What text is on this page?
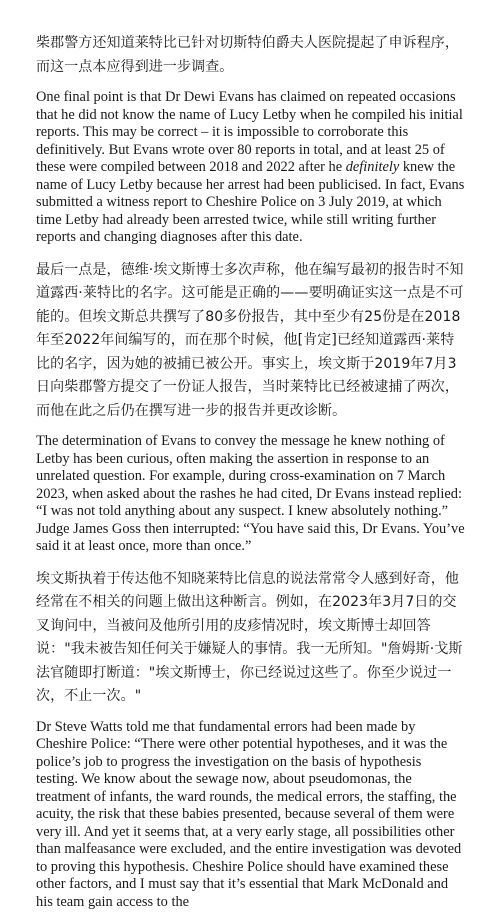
柴郡警方还知道莱特比已针对切斯特伯爵夫人医院提起了申诉程序，而这一点本应得到进一步调查。

One final point is that Dr Dewi Evans has claimed on repeated occasions that he did not know the name of Lucy Letby when he compiled his initial reports. This may be correct – it is impossible to corroborate this definitively. But Evans wrote over 80 reports in total, and at least 25 of these were compiled between 2018 and 2022 after he definitely knew the name of Lucy Letby because her arrest had been publicised. In fact, Evans submitted a witness report to Cheshire Police on 3 July 2019, at which time Letby had already been arrested twice, while still writing further reports and changing diagnoses after this date.

最后一点是，德维·埃文斯博士多次声称，他在编写最初的报告时不知道露西·莱特比的名字。这可能是正确的——要明确证实这一点是不可能的。但埃文斯总共撰写了80多份报告，其中至少有25份是在2018年至2022年间编写的，而在那个时候，他[肯定]已经知道露西·莱特比的名字，因为她的被捕已被公开。事实上，埃文斯于2019年7月3日向柴郡警方提交了一份证人报告，当时莱特比已经被逮捕了两次，而他在此之后仍在撰写进一步的报告并更改诊断。

The determination of Evans to convey the message he knew nothing of Letby has been curious, often making the assertion in response to an unrelated question. For example, during cross-examination on 7 March 2023, when asked about the rashes he had cited, Dr Evans instead replied: “I was not told anything about any suspect. I knew absolutely nothing.” Judge James Goss then interrupted: “You have said this, Dr Evans. You’ve said it at least once, more than once.”

埃文斯执着于传达他不知晓莱特比信息的说法常常令人感到好奇，他经常在不相关的问题上做出这种断言。例如，在2023年3月7日的交叉询问中，当被问及他所引用的皮疹情况时，埃文斯博士却回答说："我未被告知任何关于嫌疑人的事情。我一无所知。"詹姆斯·戈斯法官随即打断道："埃文斯博士，你已经说过这些了。你至少说过一次，不止一次。"

Dr Steve Watts told me that fundamental errors had been made by Cheshire Police: “There were other potential hypotheses, and it was the police’s job to progress the investigation on the basis of hypothesis testing. We know about the sewage now, about pseudomonas, the treatment of infants, the ward rounds, the medical errors, the staffing, the acuity, the risk that these babies presented, because several of them were very ill. And yet it seems that, at a very early stage, all possibilities other than malfeasance were excluded, and the entire investigation was devoted to proving this hypothesis. Cheshire Police should have examined these other factors, and I must say that it’s essential that Mark McDonald and his team gain access to the
